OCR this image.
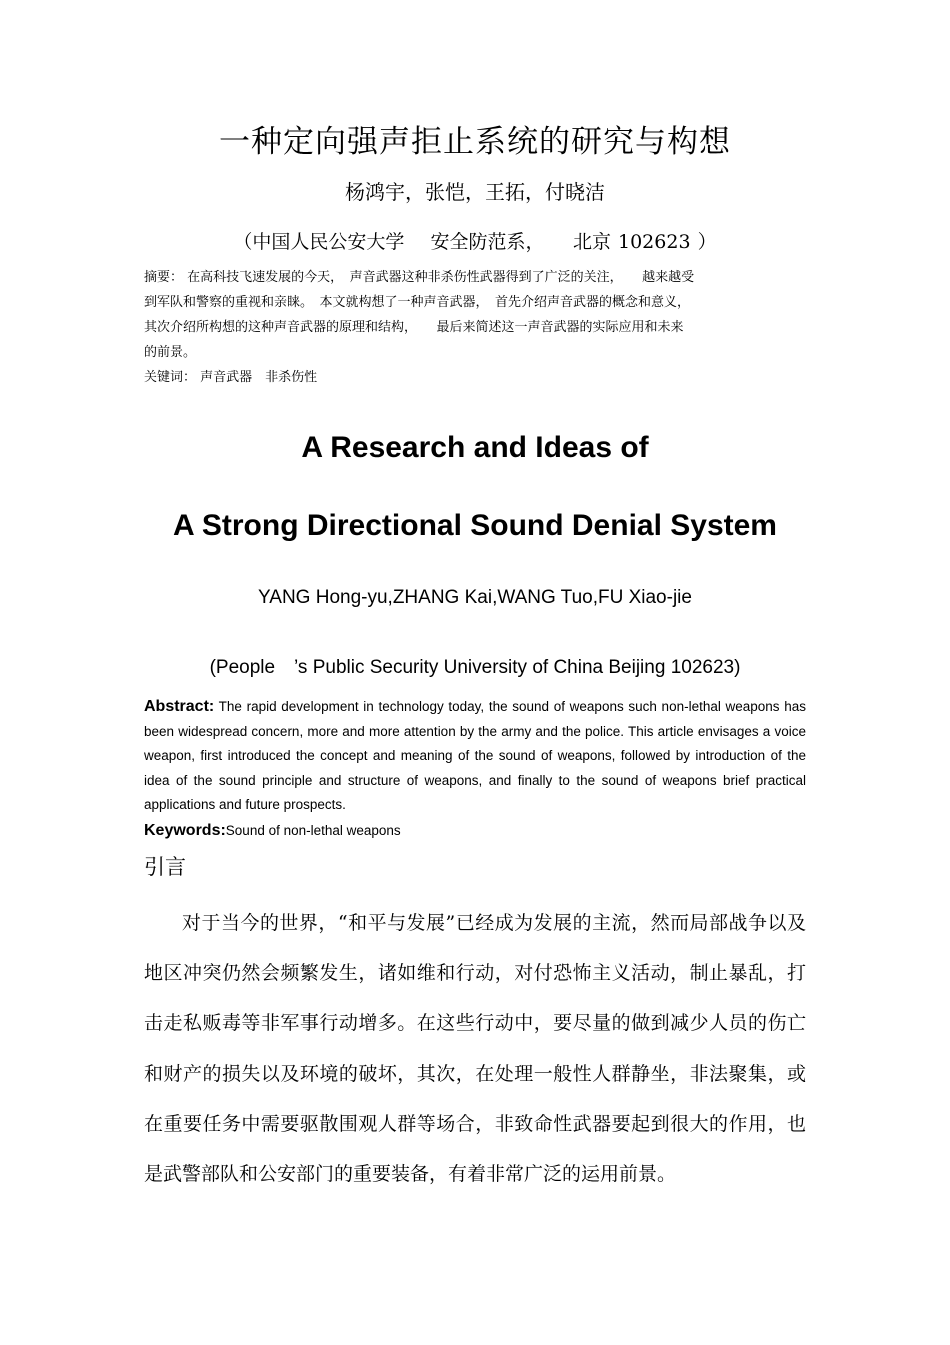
一种定向强声拒止系统的研究与构想
杨鸿宇，张恺，王拓，付晓洁
（中国人民公安大学　 安全防范系，　　北京 102623 ）
摘要： 在高科技飞速发展的今天，　声音武器这种非杀伤性武器得到了广泛的关注，　　越来越受
到军队和警察的重视和亲睐。　本文就构想了一种声音武器，　首先介绍声音武器的概念和意义，
其次介绍所构想的这种声音武器的原理和结构，　　最后来简述这一声音武器的实际应用和未来
的前景。
关键词： 声音武器　非杀伤性
A Research and Ideas of
A Strong Directional Sound Denial System
YANG Hong-yu,ZHANG Kai,WANG Tuo,FU Xiao-jie
(People　’s Public Security University of China Beijing 102623)
Abstract: The rapid development in technology today, the sound of weapons such non-lethal weapons has been widespread concern, more and more attention by the army and the police. This article envisages a voice weapon, first introduced the concept and meaning of the sound of weapons, followed by introduction of the idea of the sound principle and structure of weapons, and finally to the sound of weapons brief practical applications and future prospects.
Keywords:Sound of non-lethal weapons
引言

对于当今的世界，“和平与发展”已经成为发展的主流，然而局部战争以及地区冲突仍然会频繁发生，诸如维和行动，对付恐怖主义活动，制止暴乱，打击走私贩毒等非军事行动增多。在这些行动中，要尽量的做到减少人员的伤亡和财产的损失以及环境的破坏，其次，在处理一般性人群静坐，非法聚集，或在重要任务中需要驱散围观人群等场合，非致命性武器要起到很大的作用，也是武警部队和公安部门的重要装备，有着非常广泛的运用前景。
